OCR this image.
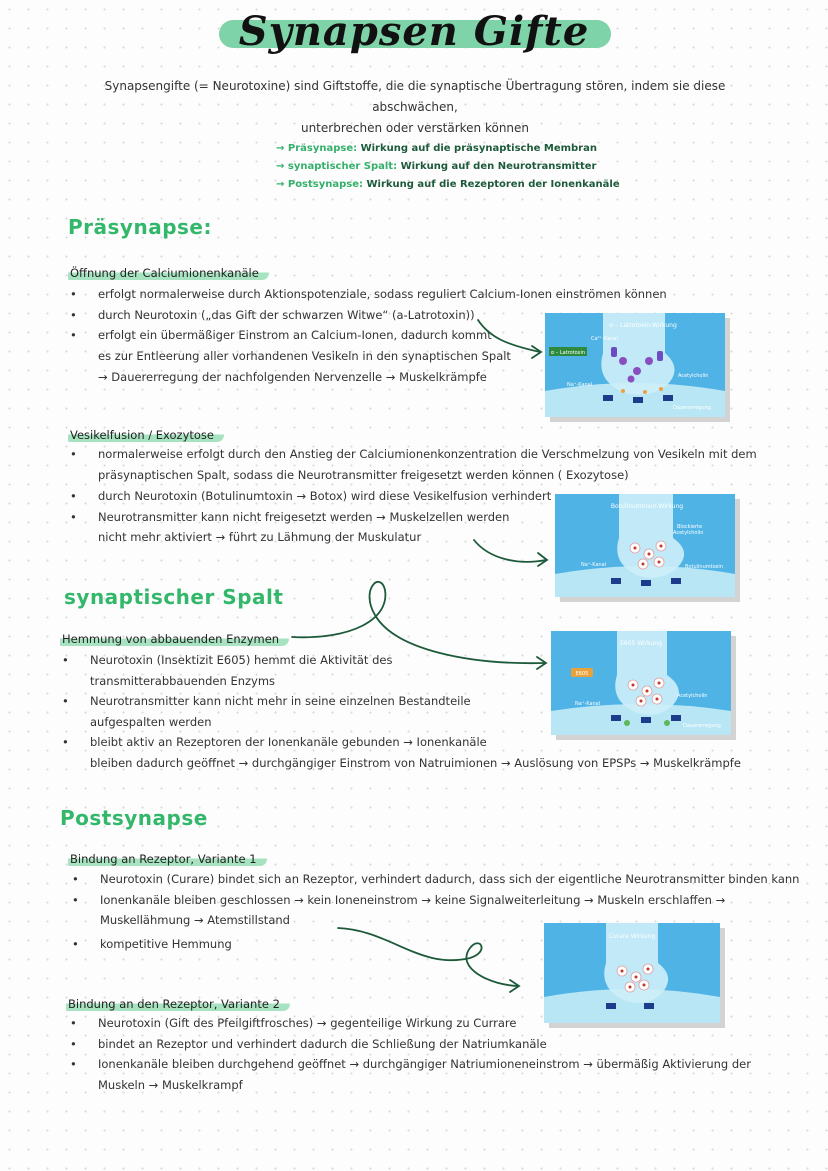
Synapsen Gifte
Synapsengifte (= Neurotoxine) sind Giftstoffe, die die synaptische Übertragung stören, indem sie diese abschwächen,
unterbrechen oder verstärken können
→ Präsynapse: Wirkung auf die präsynaptische Membran
→ synaptischer Spalt: Wirkung auf den Neurotransmitter
→ Postsynapse: Wirkung auf die Rezeptoren der Ionenkanäle
Präsynapse:
Öffnung der Calciumionenkanäle
• erfolgt normalerweise durch Aktionspotenziale, sodass reguliert Calcium-Ionen einströmen können
• durch Neurotoxin („das Gift der schwarzen Witwe“ (a-Latrotoxin))
• erfolgt ein übermäßiger Einstrom an Calcium-Ionen, dadurch kommt
es zur Entleerung aller vorhandenen Vesikeln in den synaptischen Spalt
→ Dauererregung der nachfolgenden Nervenzelle → Muskelkrämpfe
Vesikelfusion / Exozytose
• normalerweise erfolgt durch den Anstieg der Calciumionenkonzentration die Verschmelzung von Vesikeln mit dem
präsynaptischen Spalt, sodass die Neurotransmitter freigesetzt werden können ( Exozytose)
• durch Neurotoxin (Botulinumtoxin → Botox) wird diese Vesikelfusion verhindert
• Neurotransmitter kann nicht freigesetzt werden → Muskelzellen werden
nicht mehr aktiviert → führt zu Lähmung der Muskulatur
synaptischer Spalt
Hemmung von abbauenden Enzymen
• Neurotoxin (Insektizit E605) hemmt die Aktivität des
transmitterabbauenden Enzyms
• Neurotransmitter kann nicht mehr in seine einzelnen Bestandteile
aufgespalten werden
• bleibt aktiv an Rezeptoren der Ionenkanäle gebunden → Ionenkanäle
bleiben dadurch geöffnet → durchgängiger Einstrom von Natruimionen → Auslösung von EPSPs → Muskelkrämpfe
Postsynapse
Bindung an Rezeptor, Variante 1
• Neurotoxin (Curare) bindet sich an Rezeptor, verhindert dadurch, dass sich der eigentliche Neurotransmitter binden kann
• Ionenkanäle bleiben geschlossen → kein Ioneneinstrom → keine Signalweiterleitung → Muskeln erschlaffen →
Muskellähmung → Atemstillstand
• kompetitive Hemmung
Bindung an den Rezeptor, Variante 2
• Neurotoxin (Gift des Pfeilgiftfrosches) → gegenteilige Wirkung zu Currare
• bindet an Rezeptor und verhindert dadurch die Schließung der Natriumkanäle
• Ionenkanäle bleiben durchgehend geöffnet → durchgängiger Natriumioneneinstrom → übermäßig Aktivierung der
Muskeln → Muskelkrampf
α – Latrotoxin
α – Latrotoxin-Wirkung
Ca²⁺-Kanal
Na⁺-Kanal
Acetylcholin
Dauererregung
Botulinumtoxin-Wirkung
Blockierte
Acetylcholin
Na⁺-Kanal	Botulinumtoxin
E605
E605 Wirkung
Acetylcholin
Na⁺-Kanal
Dauererregung
Curare Wirkung
